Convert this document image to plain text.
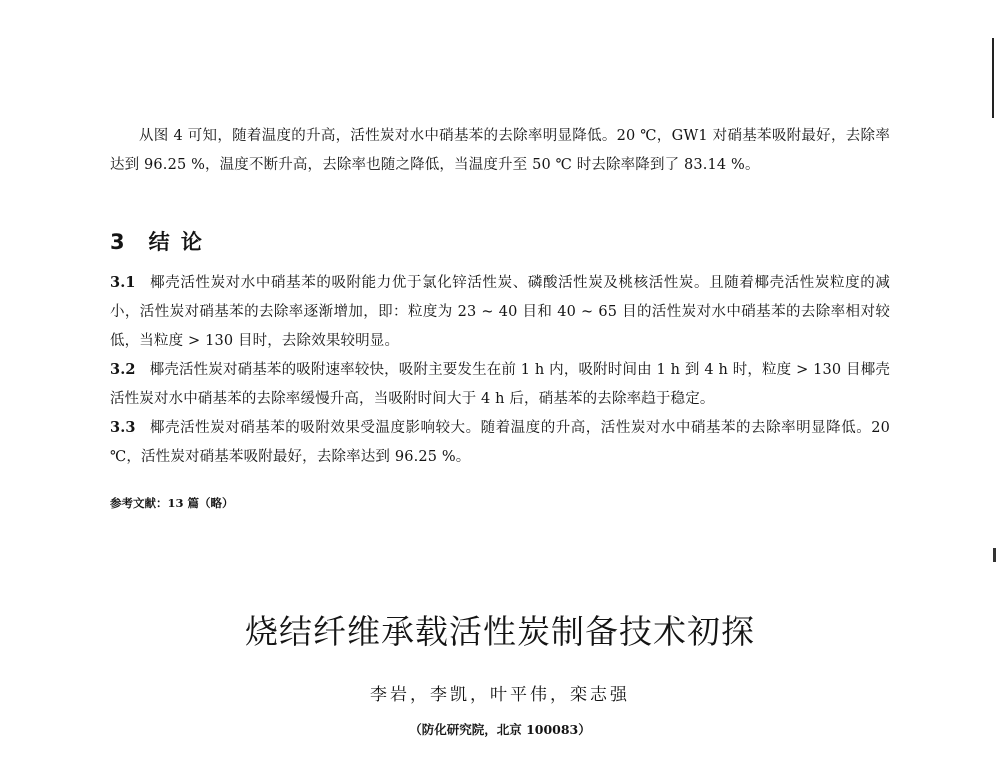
从图 4 可知，随着温度的升高，活性炭对水中硝基苯的去除率明显降低。20 ℃，GW1 对硝基苯吸附最好，去除率达到 96.25 %，温度不断升高，去除率也随之降低，当温度升至 50 ℃ 时去除率降到了 83.14 %。

3 结 论

3.1 椰壳活性炭对水中硝基苯的吸附能力优于氯化锌活性炭、磷酸活性炭及桃核活性炭。且随着椰壳活性炭粒度的减小，活性炭对硝基苯的去除率逐渐增加，即：粒度为 23 ~ 40 目和 40 ~ 65 目的活性炭对水中硝基苯的去除率相对较低，当粒度 > 130 目时，去除效果较明显。

3.2 椰壳活性炭对硝基苯的吸附速率较快，吸附主要发生在前 1 h 内，吸附时间由 1 h 到 4 h 时，粒度 > 130 目椰壳活性炭对水中硝基苯的去除率缓慢升高，当吸附时间大于 4 h 后，硝基苯的去除率趋于稳定。

3.3 椰壳活性炭对硝基苯的吸附效果受温度影响较大。随着温度的升高，活性炭对水中硝基苯的去除率明显降低。20 ℃，活性炭对硝基苯吸附最好，去除率达到 96.25 %。

参考文献：13 篇（略）

烧结纤维承载活性炭制备技术初探

李岩，李凯，叶平伟，栾志强

（防化研究院，北京 100083）
